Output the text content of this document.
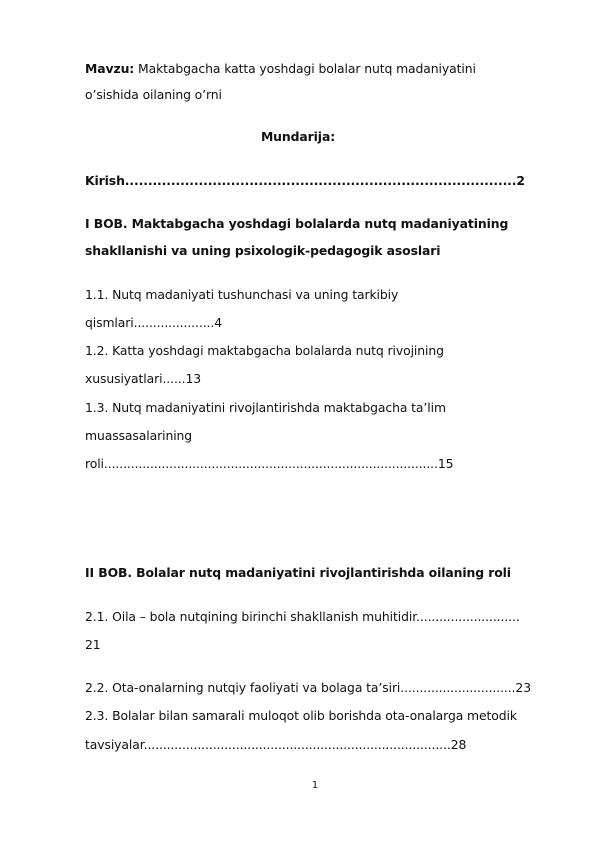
Mavzu: Maktabgacha katta yoshdagi bolalar nutq madaniyatini
o’sishida oilaning o’rni
Mundarija:
Kirish.....................................................................................2
I BOB. Maktabgacha yoshdagi bolalarda nutq madaniyatining
shakllanishi va uning psixologik-pedagogik asoslari
1.1. Nutq madaniyati tushunchasi va uning tarkibiy
qismlari.....................4
1.2. Katta yoshdagi maktabgacha bolalarda nutq rivojining
xususiyatlari......13
1.3. Nutq madaniyatini rivojlantirishda maktabgacha ta’lim
muassasalarining
roli.......................................................................................15
II BOB. Bolalar nutq madaniyatini rivojlantirishda oilaning roli
2.1. Oila – bola nutqining birinchi shakllanish muhitidir...........................
21
2.2. Ota-onalarning nutqiy faoliyati va bolaga ta’siri..............................23
2.3. Bolalar bilan samarali muloqot olib borishda ota-onalarga metodik
tavsiyalar................................................................................28
1
